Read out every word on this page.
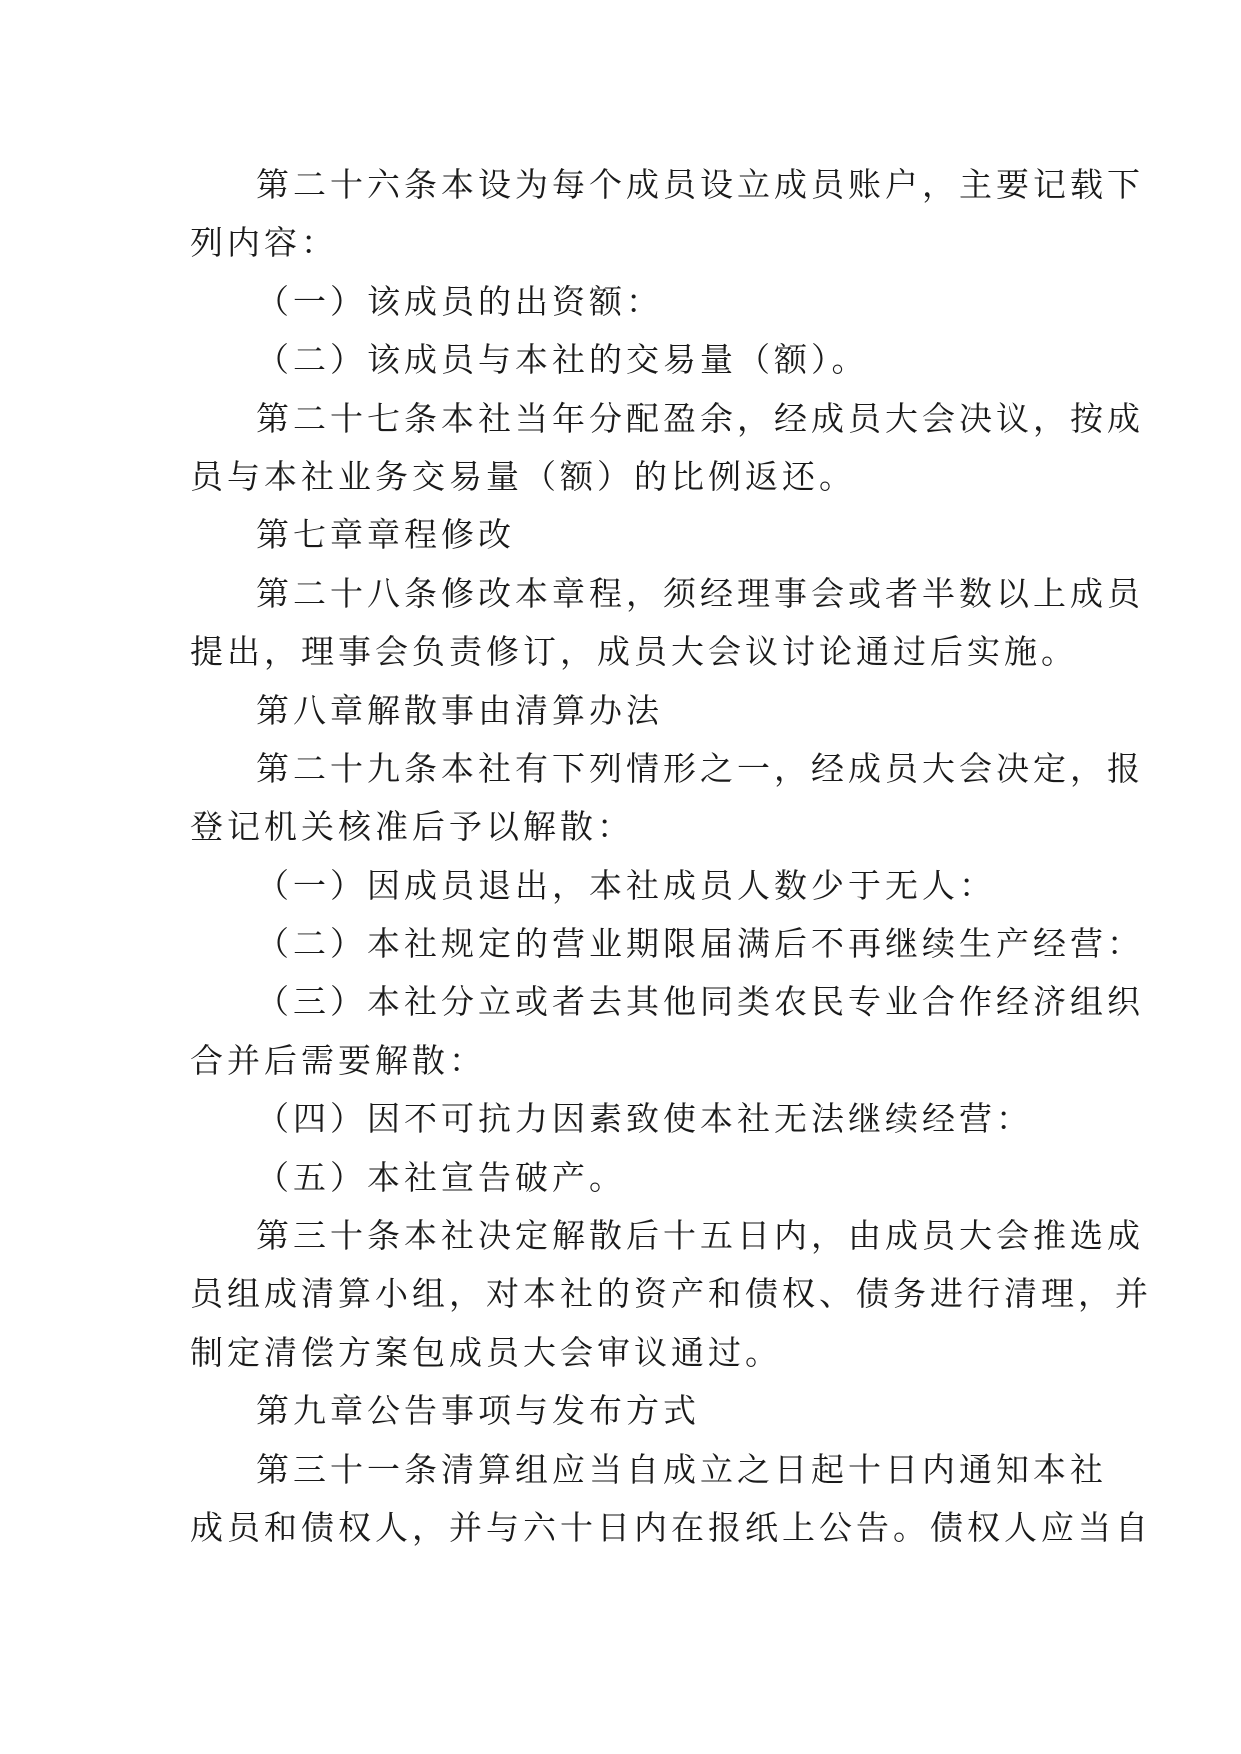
第二十六条本设为每个成员设立成员账户，主要记载下
列内容：
（一）该成员的出资额：
（二）该成员与本社的交易量（额）。
第二十七条本社当年分配盈余，经成员大会决议，按成
员与本社业务交易量（额）的比例返还。
第七章章程修改
第二十八条修改本章程，须经理事会或者半数以上成员
提出，理事会负责修订，成员大会议讨论通过后实施。
第八章解散事由清算办法
第二十九条本社有下列情形之一，经成员大会决定，报
登记机关核准后予以解散：
（一）因成员退出，本社成员人数少于无人：
（二）本社规定的营业期限届满后不再继续生产经营：
（三）本社分立或者去其他同类农民专业合作经济组织
合并后需要解散：
（四）因不可抗力因素致使本社无法继续经营：
（五）本社宣告破产。
第三十条本社决定解散后十五日内，由成员大会推选成
员组成清算小组，对本社的资产和债权、债务进行清理，并
制定清偿方案包成员大会审议通过。
第九章公告事项与发布方式
第三十一条清算组应当自成立之日起十日内通知本社
成员和债权人，并与六十日内在报纸上公告。债权人应当自
